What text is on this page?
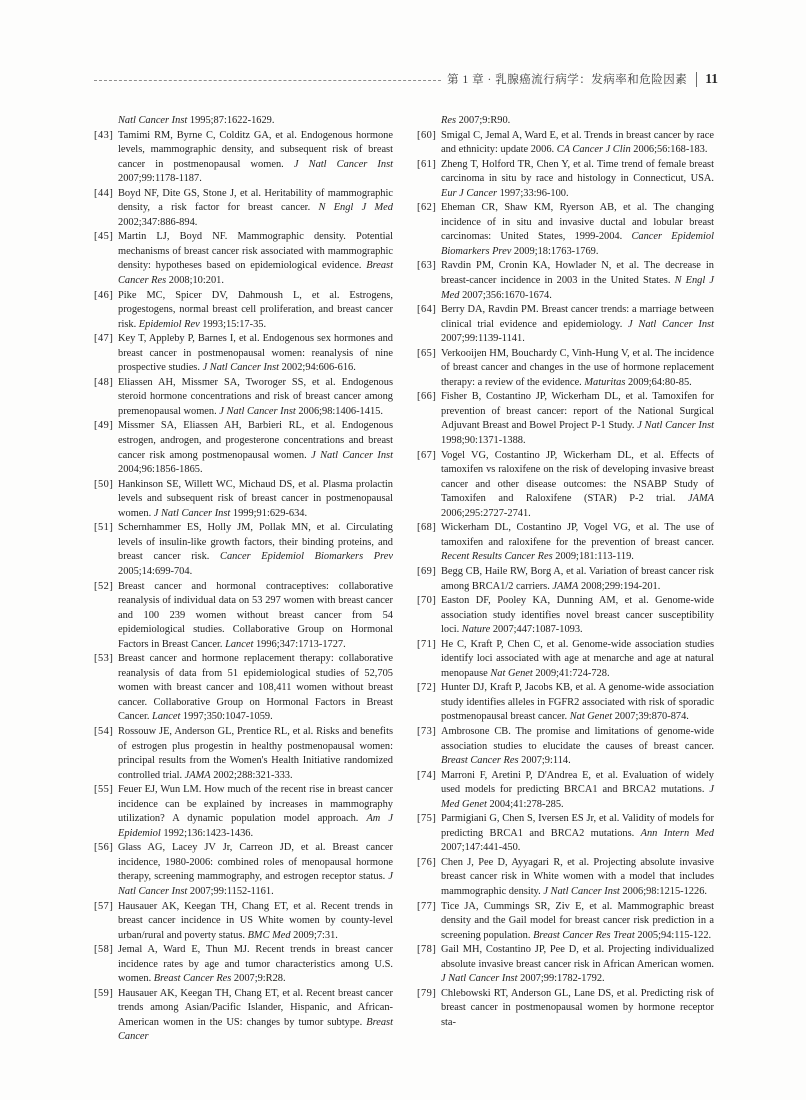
第 1 章 · 乳腺癌流行病学：发病率和危险因素 11
Natl Cancer Inst 1995;87:1622-1629.
[43] Tamimi RM, Byrne C, Colditz GA, et al. Endogenous hormone levels, mammographic density, and subsequent risk of breast cancer in postmenopausal women. J Natl Cancer Inst 2007;99:1178-1187.
[44] Boyd NF, Dite GS, Stone J, et al. Heritability of mammographic density, a risk factor for breast cancer. N Engl J Med 2002;347:886-894.
[45] Martin LJ, Boyd NF. Mammographic density. Potential mechanisms of breast cancer risk associated with mammographic density: hypotheses based on epidemiological evidence. Breast Cancer Res 2008;10:201.
[46] Pike MC, Spicer DV, Dahmoush L, et al. Estrogens, progestogens, normal breast cell proliferation, and breast cancer risk. Epidemiol Rev 1993;15:17-35.
[47] Key T, Appleby P, Barnes I, et al. Endogenous sex hormones and breast cancer in postmenopausal women: reanalysis of nine prospective studies. J Natl Cancer Inst 2002;94:606-616.
[48] Eliassen AH, Missmer SA, Tworoger SS, et al. Endogenous steroid hormone concentrations and risk of breast cancer among premenopausal women. J Natl Cancer Inst 2006;98:1406-1415.
[49] Missmer SA, Eliassen AH, Barbieri RL, et al. Endogenous estrogen, androgen, and progesterone concentrations and breast cancer risk among postmenopausal women. J Natl Cancer Inst 2004;96:1856-1865.
[50] Hankinson SE, Willett WC, Michaud DS, et al. Plasma prolactin levels and subsequent risk of breast cancer in postmenopausal women. J Natl Cancer Inst 1999;91:629-634.
[51] Schernhammer ES, Holly JM, Pollak MN, et al. Circulating levels of insulin-like growth factors, their binding proteins, and breast cancer risk. Cancer Epidemiol Biomarkers Prev 2005;14:699-704.
[52] Breast cancer and hormonal contraceptives: collaborative reanalysis of individual data on 53 297 women with breast cancer and 100 239 women without breast cancer from 54 epidemiological studies. Collaborative Group on Hormonal Factors in Breast Cancer. Lancet 1996;347:1713-1727.
[53] Breast cancer and hormone replacement therapy: collaborative reanalysis of data from 51 epidemiological studies of 52,705 women with breast cancer and 108,411 women without breast cancer. Collaborative Group on Hormonal Factors in Breast Cancer. Lancet 1997;350:1047-1059.
[54] Rossouw JE, Anderson GL, Prentice RL, et al. Risks and benefits of estrogen plus progestin in healthy postmenopausal women: principal results from the Women's Health Initiative randomized controlled trial. JAMA 2002;288:321-333.
[55] Feuer EJ, Wun LM. How much of the recent rise in breast cancer incidence can be explained by increases in mammography utilization? A dynamic population model approach. Am J Epidemiol 1992;136:1423-1436.
[56] Glass AG, Lacey JV Jr, Carreon JD, et al. Breast cancer incidence, 1980-2006: combined roles of menopausal hormone therapy, screening mammography, and estrogen receptor status. J Natl Cancer Inst 2007;99:1152-1161.
[57] Hausauer AK, Keegan TH, Chang ET, et al. Recent trends in breast cancer incidence in US White women by county-level urban/rural and poverty status. BMC Med 2009;7:31.
[58] Jemal A, Ward E, Thun MJ. Recent trends in breast cancer incidence rates by age and tumor characteristics among U.S. women. Breast Cancer Res 2007;9:R28.
[59] Hausauer AK, Keegan TH, Chang ET, et al. Recent breast cancer trends among Asian/Pacific Islander, Hispanic, and African-American women in the US: changes by tumor subtype. Breast Cancer
Res 2007;9:R90.
[60] Smigal C, Jemal A, Ward E, et al. Trends in breast cancer by race and ethnicity: update 2006. CA Cancer J Clin 2006;56:168-183.
[61] Zheng T, Holford TR, Chen Y, et al. Time trend of female breast carcinoma in situ by race and histology in Connecticut, USA. Eur J Cancer 1997;33:96-100.
[62] Eheman CR, Shaw KM, Ryerson AB, et al. The changing incidence of in situ and invasive ductal and lobular breast carcinomas: United States, 1999-2004. Cancer Epidemiol Biomarkers Prev 2009;18:1763-1769.
[63] Ravdin PM, Cronin KA, Howlader N, et al. The decrease in breast-cancer incidence in 2003 in the United States. N Engl J Med 2007;356:1670-1674.
[64] Berry DA, Ravdin PM. Breast cancer trends: a marriage between clinical trial evidence and epidemiology. J Natl Cancer Inst 2007;99:1139-1141.
[65] Verkooijen HM, Bouchardy C, Vinh-Hung V, et al. The incidence of breast cancer and changes in the use of hormone replacement therapy: a review of the evidence. Maturitas 2009;64:80-85.
[66] Fisher B, Costantino JP, Wickerham DL, et al. Tamoxifen for prevention of breast cancer: report of the National Surgical Adjuvant Breast and Bowel Project P-1 Study. J Natl Cancer Inst 1998;90:1371-1388.
[67] Vogel VG, Costantino JP, Wickerham DL, et al. Effects of tamoxifen vs raloxifene on the risk of developing invasive breast cancer and other disease outcomes: the NSABP Study of Tamoxifen and Raloxifene (STAR) P-2 trial. JAMA 2006;295:2727-2741.
[68] Wickerham DL, Costantino JP, Vogel VG, et al. The use of tamoxifen and raloxifene for the prevention of breast cancer. Recent Results Cancer Res 2009;181:113-119.
[69] Begg CB, Haile RW, Borg A, et al. Variation of breast cancer risk among BRCA1/2 carriers. JAMA 2008;299:194-201.
[70] Easton DF, Pooley KA, Dunning AM, et al. Genome-wide association study identifies novel breast cancer susceptibility loci. Nature 2007;447:1087-1093.
[71] He C, Kraft P, Chen C, et al. Genome-wide association studies identify loci associated with age at menarche and age at natural menopause Nat Genet 2009;41:724-728.
[72] Hunter DJ, Kraft P, Jacobs KB, et al. A genome-wide association study identifies alleles in FGFR2 associated with risk of sporadic postmenopausal breast cancer. Nat Genet 2007;39:870-874.
[73] Ambrosone CB. The promise and limitations of genome-wide association studies to elucidate the causes of breast cancer. Breast Cancer Res 2007;9:114.
[74] Marroni F, Aretini P, D'Andrea E, et al. Evaluation of widely used models for predicting BRCA1 and BRCA2 mutations. J Med Genet 2004;41:278-285.
[75] Parmigiani G, Chen S, Iversen ES Jr, et al. Validity of models for predicting BRCA1 and BRCA2 mutations. Ann Intern Med 2007;147:441-450.
[76] Chen J, Pee D, Ayyagari R, et al. Projecting absolute invasive breast cancer risk in White women with a model that includes mammographic density. J Natl Cancer Inst 2006;98:1215-1226.
[77] Tice JA, Cummings SR, Ziv E, et al. Mammographic breast density and the Gail model for breast cancer risk prediction in a screening population. Breast Cancer Res Treat 2005;94:115-122.
[78] Gail MH, Costantino JP, Pee D, et al. Projecting individualized absolute invasive breast cancer risk in African American women. J Natl Cancer Inst 2007;99:1782-1792.
[79] Chlebowski RT, Anderson GL, Lane DS, et al. Predicting risk of breast cancer in postmenopausal women by hormone receptor sta-
